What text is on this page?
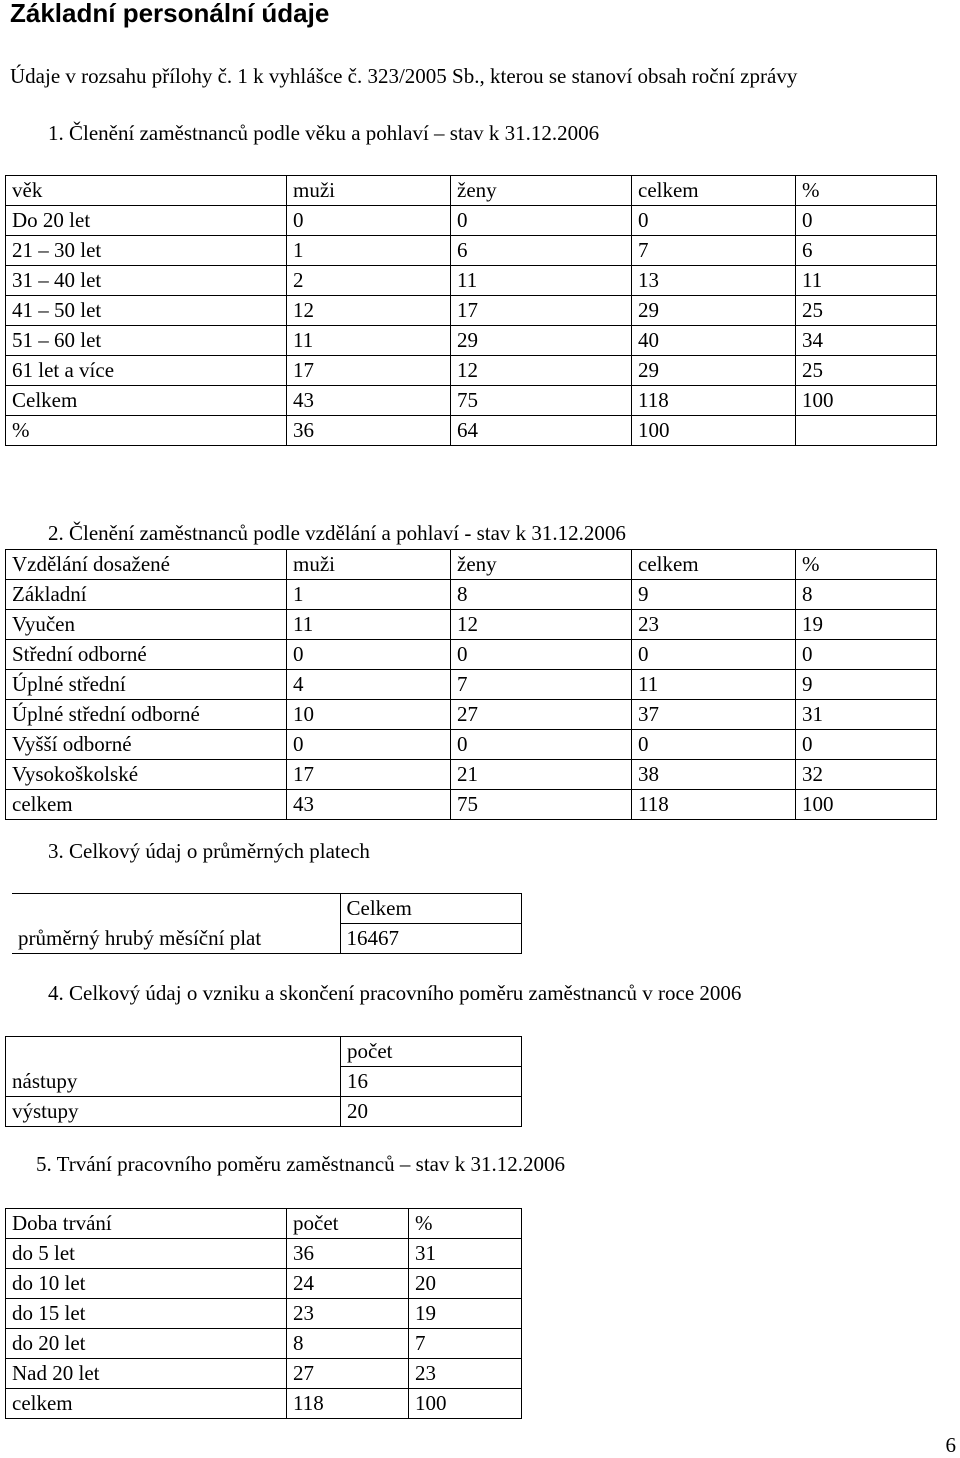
Základní personální údaje
Údaje v rozsahu přílohy č. 1 k vyhlášce č. 323/2005 Sb., kterou se stanoví obsah roční zprávy
1. Členění zaměstnanců podle věku a pohlaví – stav k 31.12.2006
věk	muži	ženy	celkem	%
Do 20 let	0	0	0	0
21 – 30 let	1	6	7	6
31 – 40 let	2	11	13	11
41 – 50 let	12	17	29	25
51 – 60 let	11	29	40	34
61 let a více	17	12	29	25
Celkem	43	75	118	100
%	36	64	100	
2. Členění zaměstnanců podle vzdělání a pohlaví - stav k 31.12.2006
Vzdělání dosažené	muži	ženy	celkem	%
Základní	1	8	9	8
Vyučen	11	12	23	19
Střední odborné	0	0	0	0
Úplné střední	4	7	11	9
Úplné střední odborné	10	27	37	31
Vyšší odborné	0	0	0	0
Vysokoškolské	17	21	38	32
celkem	43	75	118	100
3. Celkový údaj o průměrných platech
	Celkem
průměrný hrubý měsíční plat	16467
4. Celkový údaj o vzniku a skončení pracovního poměru zaměstnanců v roce 2006
	počet
nástupy	16
výstupy	20
5. Trvání pracovního poměru zaměstnanců – stav k 31.12.2006
Doba trvání	počet	%
do 5 let	36	31
do 10 let	24	20
do 15 let	23	19
do 20 let	8	7
Nad 20 let	27	23
celkem	118	100
6
